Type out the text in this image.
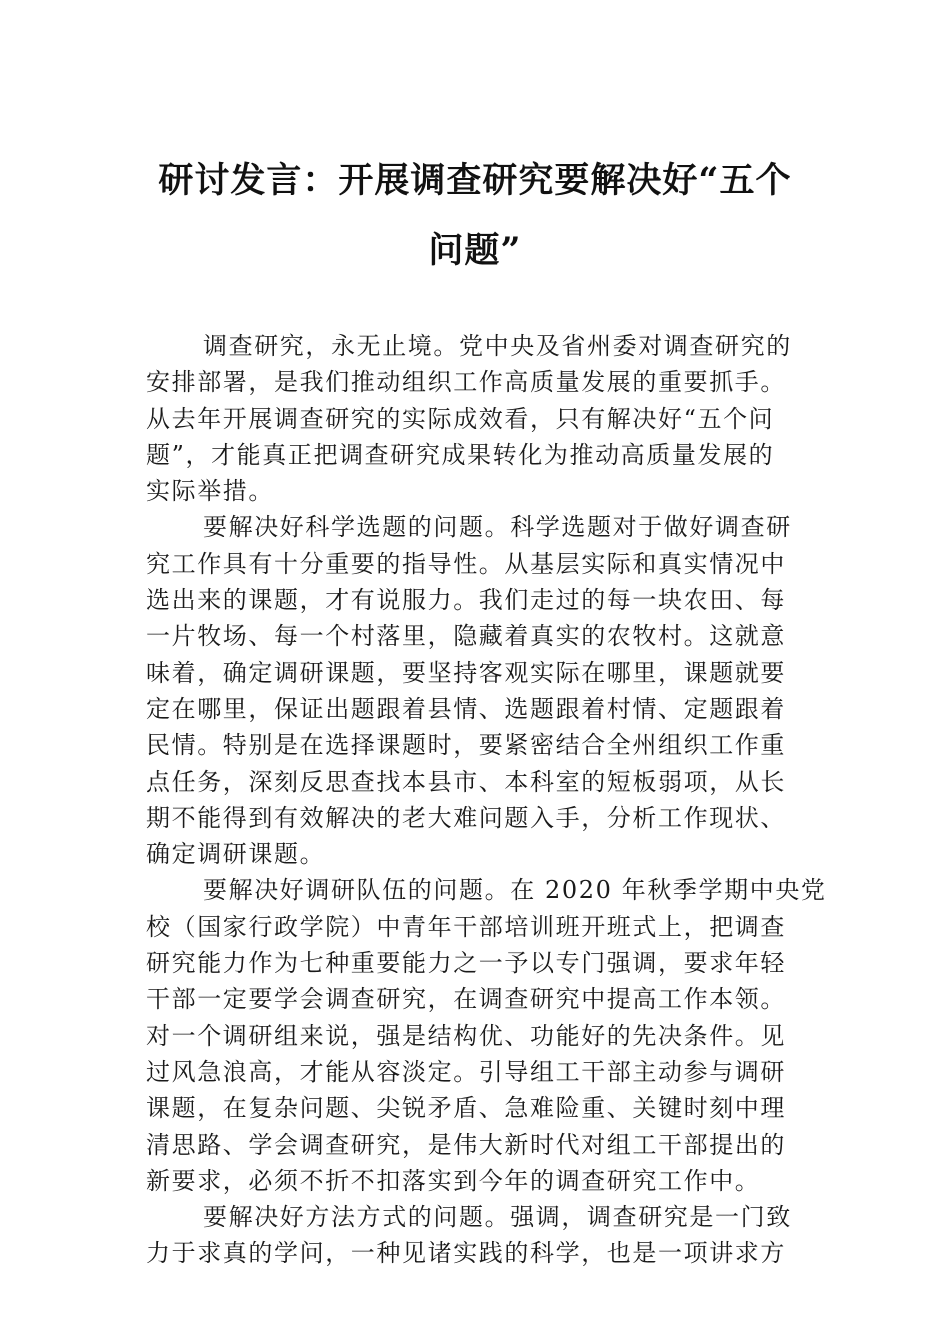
研讨发言：开展调查研究要解决好“五个
问题”

调查研究，永无止境。党中央及省州委对调查研究的
安排部署，是我们推动组织工作高质量发展的重要抓手。
从去年开展调查研究的实际成效看，只有解决好“五个问
题”，才能真正把调查研究成果转化为推动高质量发展的
实际举措。

要解决好科学选题的问题。科学选题对于做好调查研
究工作具有十分重要的指导性。从基层实际和真实情况中
选出来的课题，才有说服力。我们走过的每一块农田、每
一片牧场、每一个村落里，隐藏着真实的农牧村。这就意
味着，确定调研课题，要坚持客观实际在哪里，课题就要
定在哪里，保证出题跟着县情、选题跟着村情、定题跟着
民情。特别是在选择课题时，要紧密结合全州组织工作重
点任务，深刻反思查找本县市、本科室的短板弱项，从长
期不能得到有效解决的老大难问题入手，分析工作现状、
确定调研课题。

要解决好调研队伍的问题。在 2020 年秋季学期中央党
校（国家行政学院）中青年干部培训班开班式上，把调查
研究能力作为七种重要能力之一予以专门强调，要求年轻
干部一定要学会调查研究，在调查研究中提高工作本领。
对一个调研组来说，强是结构优、功能好的先决条件。见
过风急浪高，才能从容淡定。引导组工干部主动参与调研
课题，在复杂问题、尖锐矛盾、急难险重、关键时刻中理
清思路、学会调查研究，是伟大新时代对组工干部提出的
新要求，必须不折不扣落实到今年的调查研究工作中。

要解决好方法方式的问题。强调，调查研究是一门致
力于求真的学问，一种见诸实践的科学，也是一项讲求方
